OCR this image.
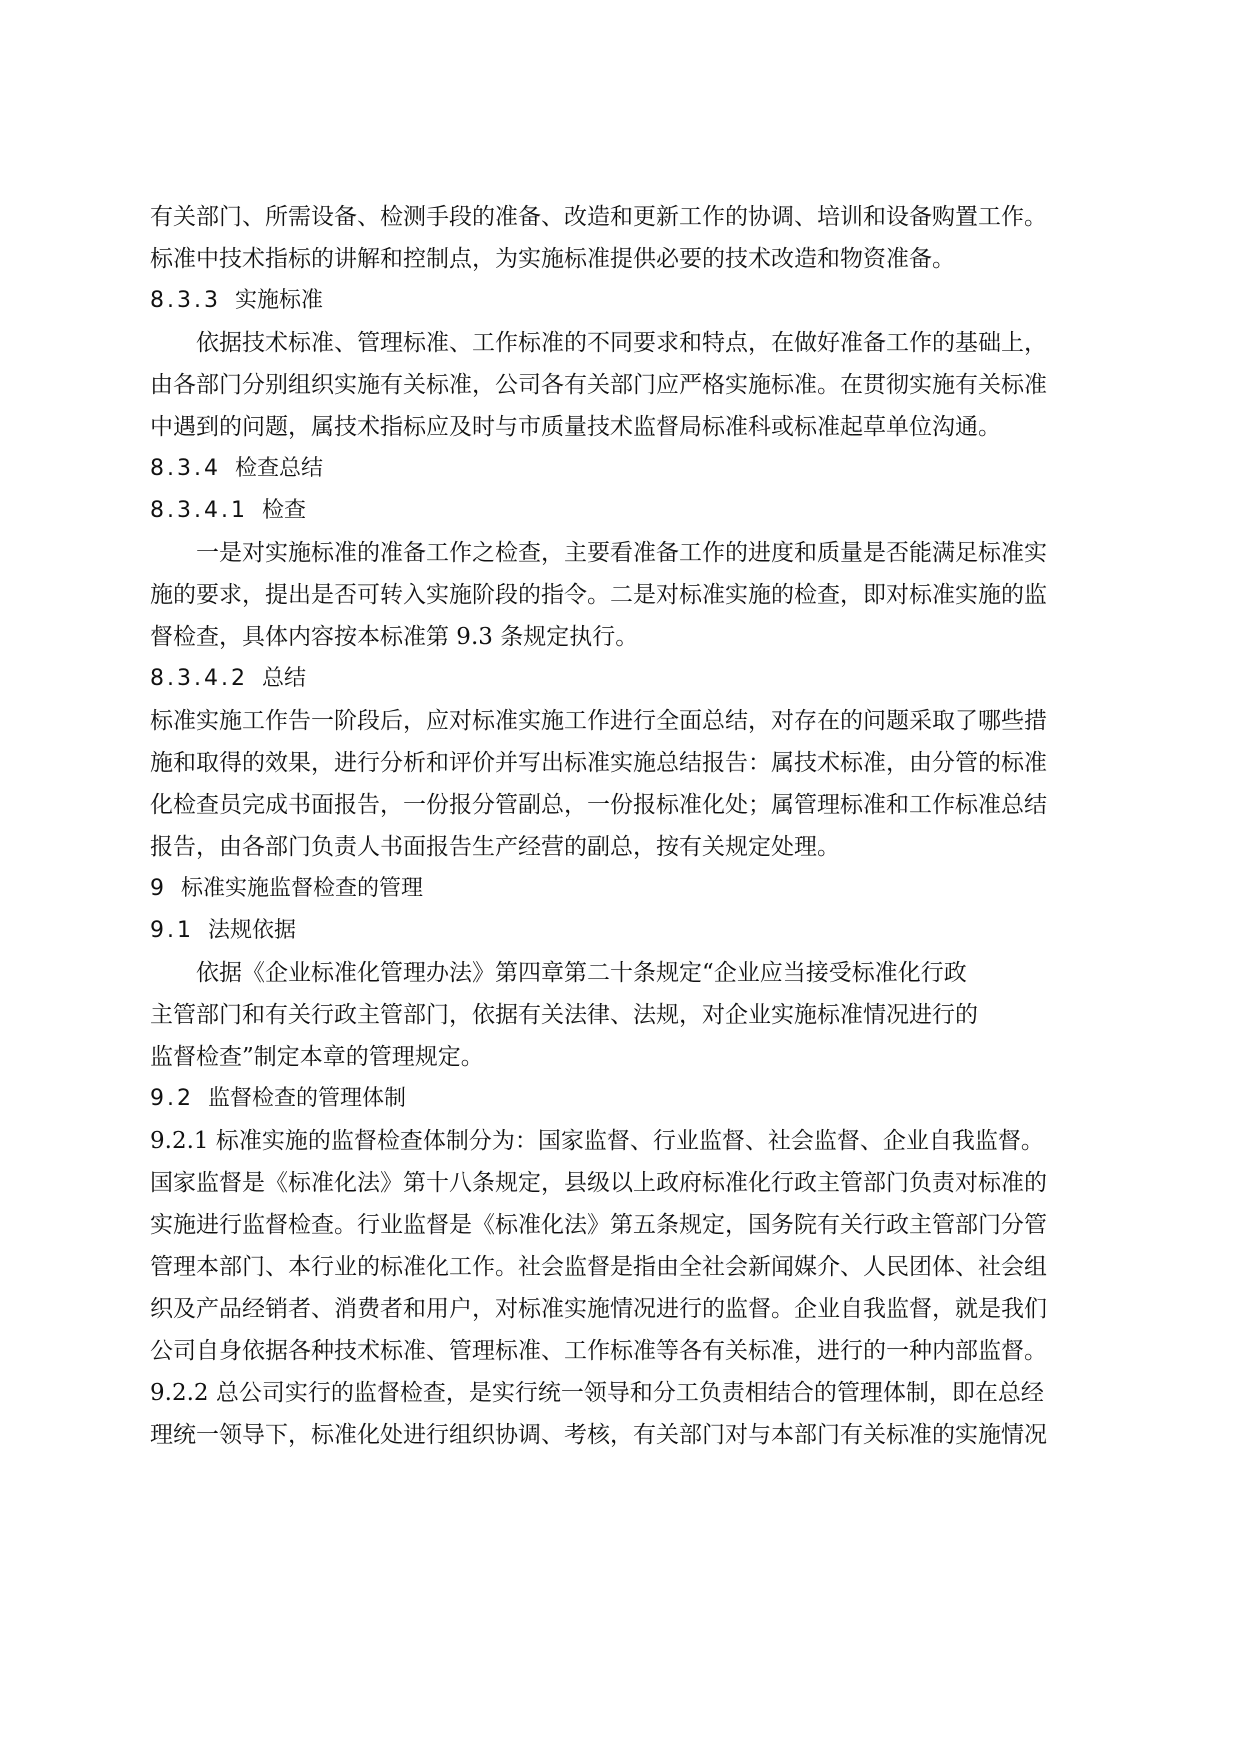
有关部门、所需设备、检测手段的准备、改造和更新工作的协调、培训和设备购置工作。

标准中技术指标的讲解和控制点，为实施标准提供必要的技术改造和物资准备。

8.3.3 实施标准

依据技术标准、管理标准、工作标准的不同要求和特点，在做好准备工作的基础上，

由各部门分别组织实施有关标准，公司各有关部门应严格实施标准。在贯彻实施有关标准

中遇到的问题，属技术指标应及时与市质量技术监督局标准科或标准起草单位沟通。

8.3.4 检查总结

8.3.4.1 检查

一是对实施标准的准备工作之检查，主要看准备工作的进度和质量是否能满足标准实

施的要求，提出是否可转入实施阶段的指令。二是对标准实施的检查，即对标准实施的监

督检查，具体内容按本标准第 9.3 条规定执行。

8.3.4.2 总结

标准实施工作告一阶段后，应对标准实施工作进行全面总结，对存在的问题采取了哪些措

施和取得的效果，进行分析和评价并写出标准实施总结报告：属技术标准，由分管的标准

化检查员完成书面报告，一份报分管副总，一份报标准化处；属管理标准和工作标准总结

报告，由各部门负责人书面报告生产经营的副总，按有关规定处理。

9 标准实施监督检查的管理

9.1 法规依据

依据《企业标准化管理办法》第四章第二十条规定“企业应当接受标准化行政

主管部门和有关行政主管部门，依据有关法律、法规，对企业实施标准情况进行的

监督检查”制定本章的管理规定。

9.2 监督检查的管理体制

9.2.1 标准实施的监督检查体制分为：国家监督、行业监督、社会监督、企业自我监督。

国家监督是《标准化法》第十八条规定，县级以上政府标准化行政主管部门负责对标准的

实施进行监督检查。行业监督是《标准化法》第五条规定，国务院有关行政主管部门分管

管理本部门、本行业的标准化工作。社会监督是指由全社会新闻媒介、人民团体、社会组

织及产品经销者、消费者和用户，对标准实施情况进行的监督。企业自我监督，就是我们

公司自身依据各种技术标准、管理标准、工作标准等各有关标准，进行的一种内部监督。

9.2.2 总公司实行的监督检查，是实行统一领导和分工负责相结合的管理体制，即在总经

理统一领导下，标准化处进行组织协调、考核，有关部门对与本部门有关标准的实施情况
